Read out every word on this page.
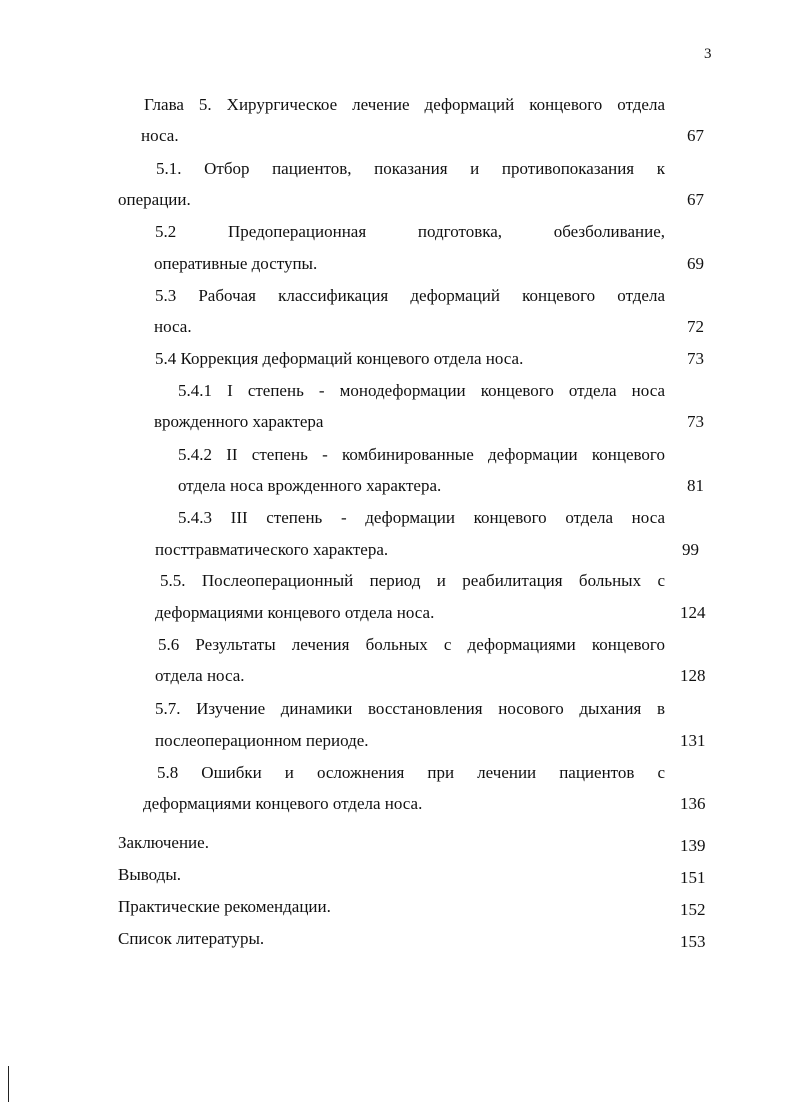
3
Глава 5. Хирургическое лечение деформаций концевого отдела
носа.	67
5.1. Отбор пациентов, показания и противопоказания к
операции.	67
5.2 Предоперационная подготовка, обезболивание,
оперативные доступы.	69
5.3 Рабочая классификация деформаций концевого отдела
носа.	72
5.4 Коррекция деформаций концевого отдела носа.	73
5.4.1 I степень - монодеформации концевого отдела носа
врожденного характера	73
5.4.2 II степень - комбинированные деформации концевого
отдела носа врожденного характера.	81
5.4.3 III степень - деформации концевого отдела носа
посттравматического характера.	99
5.5. Послеоперационный период и реабилитация больных с
деформациями концевого отдела носа.	124
5.6 Результаты лечения больных с деформациями концевого
отдела носа.	128
5.7. Изучение динамики восстановления носового дыхания в
послеоперационном периоде.	131
5.8 Ошибки и осложнения при лечении пациентов с
деформациями концевого отдела носа.	136
Заключение.	139
Выводы.	151
Практические рекомендации.	152
Список литературы.	153
